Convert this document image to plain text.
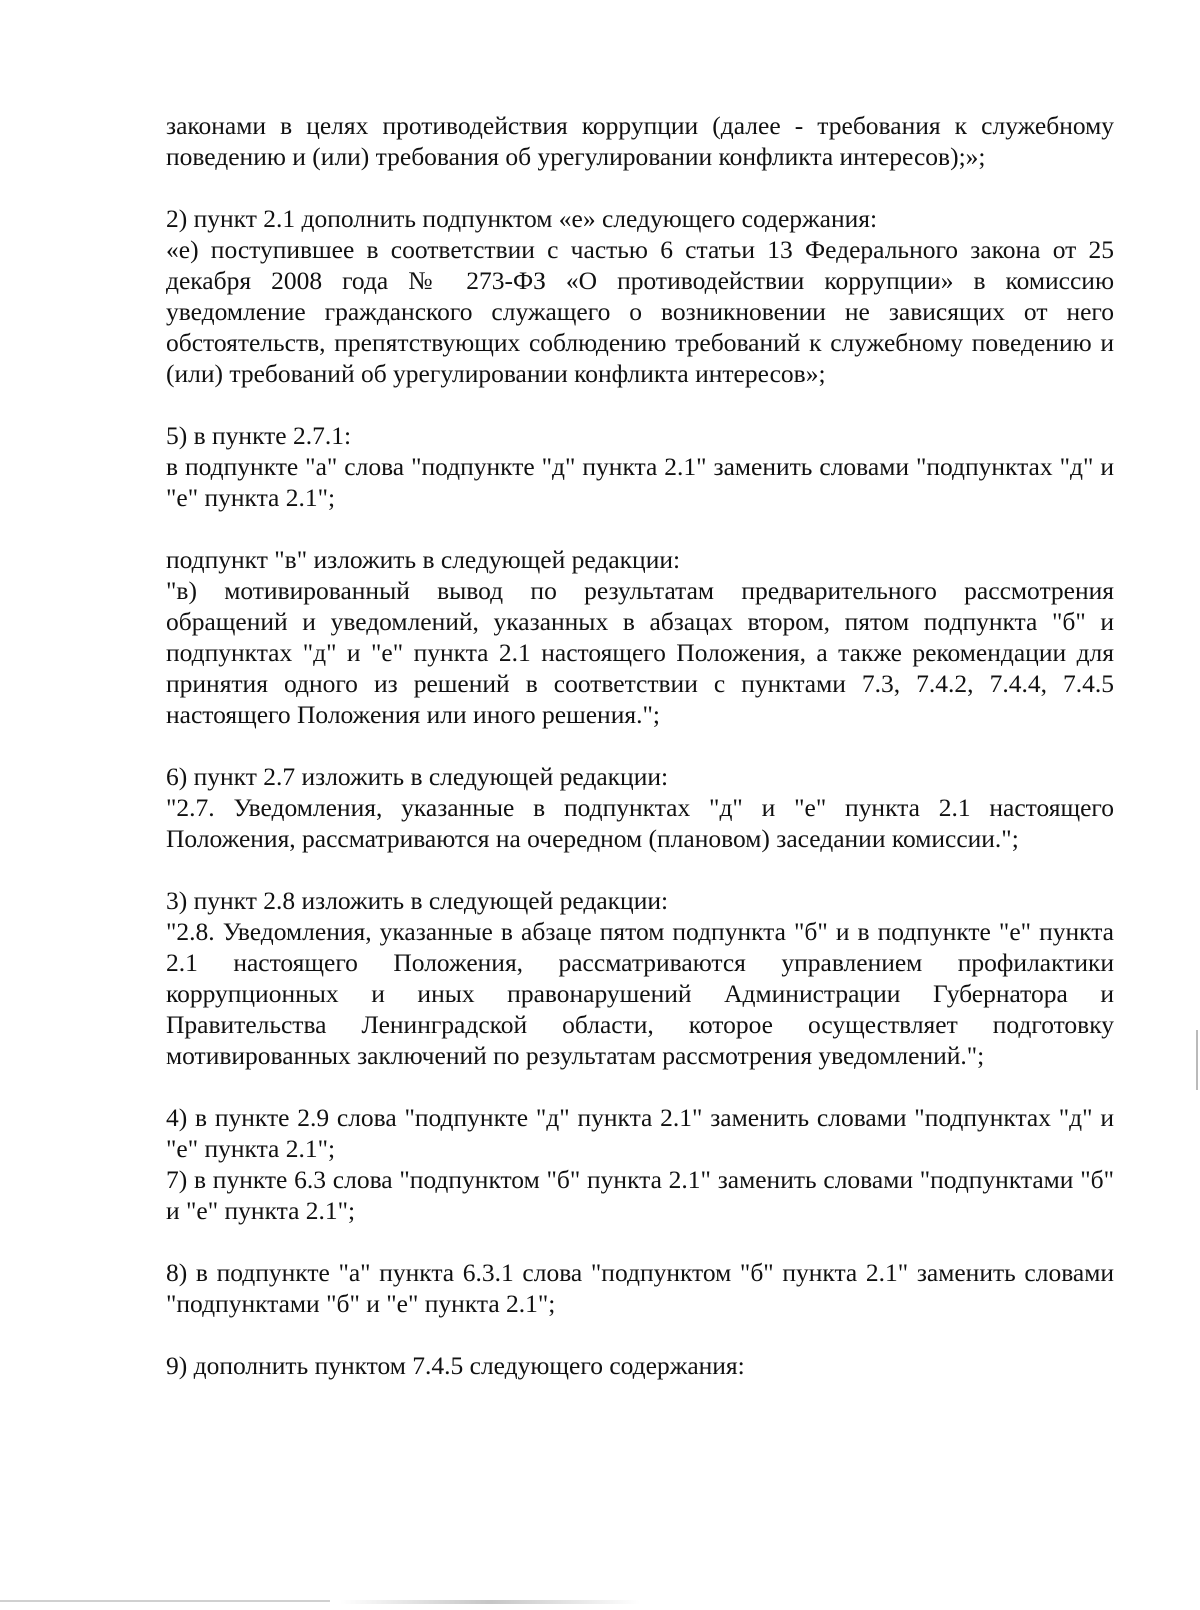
законами в целях противодействия коррупции (далее - требования к служебному поведению и (или) требования об урегулировании конфликта интересов);»;

2) пункт 2.1 дополнить подпунктом «е» следующего содержания:

«е) поступившее в соответствии с частью 6 статьи 13 Федерального закона от 25 декабря 2008 года № 273-ФЗ «О противодействии коррупции» в комиссию уведомление гражданского служащего о возникновении не зависящих от него обстоятельств, препятствующих соблюдению требований к служебному поведению и (или) требований об урегулировании конфликта интересов»;

5) в пункте 2.7.1:

в подпункте "а" слова "подпункте "д" пункта 2.1" заменить словами "подпунктах "д" и "е" пункта 2.1";

подпункт "в" изложить в следующей редакции:

"в) мотивированный вывод по результатам предварительного рассмотрения обращений и уведомлений, указанных в абзацах втором, пятом подпункта "б" и подпунктах "д" и "е" пункта 2.1 настоящего Положения, а также рекомендации для принятия одного из решений в соответствии с пунктами 7.3, 7.4.2, 7.4.4, 7.4.5 настоящего Положения или иного решения.";

6) пункт 2.7 изложить в следующей редакции:

"2.7. Уведомления, указанные в подпунктах "д" и "е" пункта 2.1 настоящего Положения, рассматриваются на очередном (плановом) заседании комиссии.";

3) пункт 2.8 изложить в следующей редакции:

"2.8. Уведомления, указанные в абзаце пятом подпункта "б" и в подпункте "е" пункта 2.1 настоящего Положения, рассматриваются управлением профилактики коррупционных и иных правонарушений Администрации Губернатора и Правительства Ленинградской области, которое осуществляет подготовку мотивированных заключений по результатам рассмотрения уведомлений.";

4) в пункте 2.9 слова "подпункте "д" пункта 2.1" заменить словами "подпунктах "д" и "е" пункта 2.1";

7) в пункте 6.3 слова "подпунктом "б" пункта 2.1" заменить словами "подпунктами "б" и "е" пункта 2.1";

8) в подпункте "а" пункта 6.3.1 слова "подпунктом "б" пункта 2.1" заменить словами "подпунктами "б" и "е" пункта 2.1";

9) дополнить пунктом 7.4.5 следующего содержания:
